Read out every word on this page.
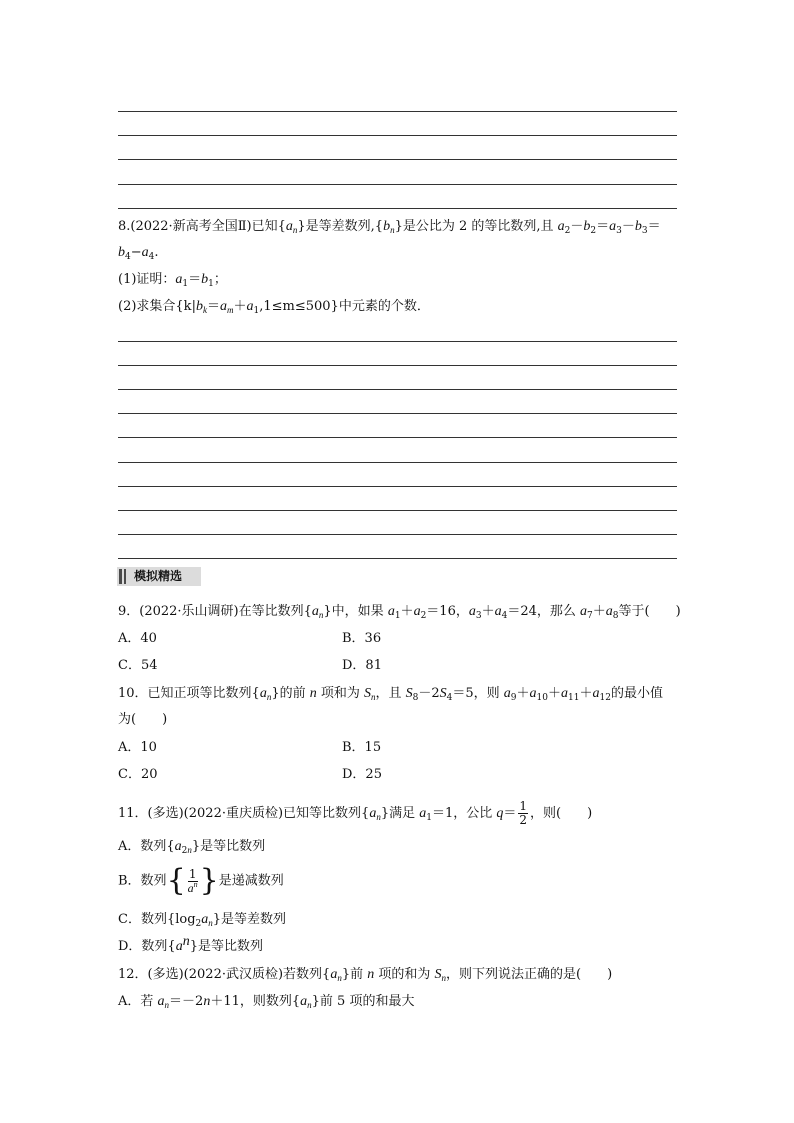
8.(2022·新高考全国Ⅱ)已知$\{a_n\}$是等差数列$,\{b_n\}$是公比为 2 的等比数列,且 $a_2-b_2=a_3-b_3=$
$b_4-a_4$.
(1)证明：$a_1=b_1$；
(2)求集合$\{k|b_k=a_m+a_1,1\le m\le 500\}$中元素的个数．
模拟精选
9．(2022·乐山调研)在等比数列$\{a_n\}$中，如果 $a_1+a_2=16$，$a_3+a_4=24$，那么 $a_7+a_8$等于(　　)
A．40	B．36
C．54	D．81
10．已知正项等比数列$\{a_n\}$的前 n 项和为 $S_n$，且 $S_8-2S_4=5$，则 $a_9+a_{10}+a_{11}+a_{12}$的最小值
为(　　)
A．10	B．15
C．20	D．25
11．(多选)(2022·重庆质检)已知等比数列$\{a_n\}$满足 $a_1=1$，公比 $q= \frac{1}{2}$ ，则(　　)
A．数列$\{a_{2n}\}$是等比数列
B．数列{ $\frac{1}{a^n}$ }是递减数列
C．数列$\{\log_2a_n\}$是等差数列
D．数列$\{a^n\}$是等比数列
12．(多选)(2022·武汉质检)若数列$\{a_n\}$前 n 项的和为 $S_n$，则下列说法正确的是(　　)
A．若 $a_n=-2n+11$，则数列$\{a_n\}$前 5 项的和最大
